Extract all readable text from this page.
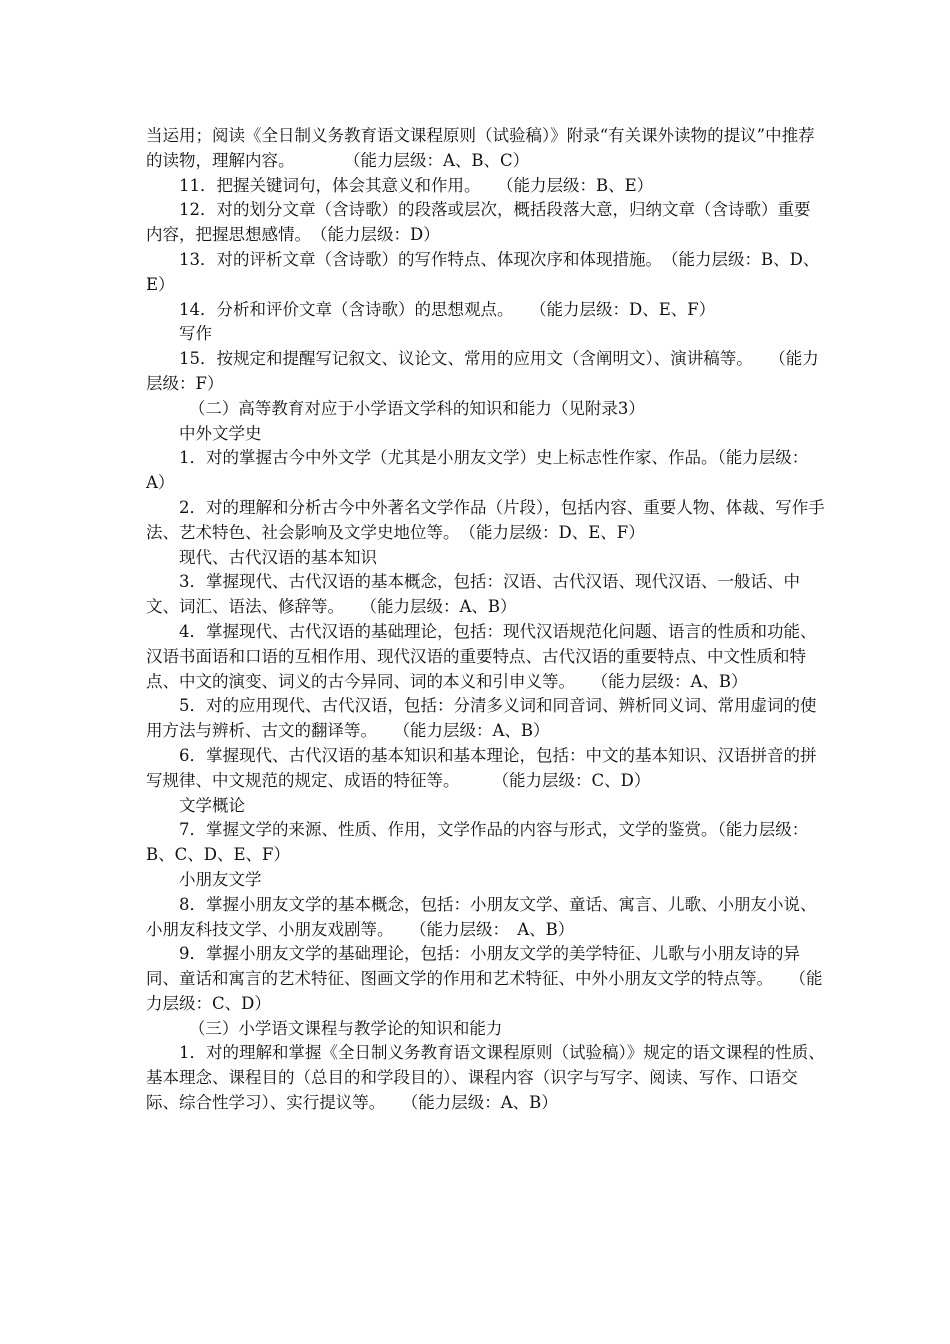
当运用；阅读《全日制义务教育语文课程原则（试验稿）》附录“有关课外读物的提议”中推荐的读物，理解内容。　　　　（能力层级：A、B、C）

11．把握关键词句，体会其意义和作用。　　（能力层级：B、E）

12．对的划分文章（含诗歌）的段落或层次，概括段落大意，归纳文章（含诗歌）重要内容，把握思想感情。　（能力层级：D）

13．对的评析文章（含诗歌）的写作特点、体现次序和体现措施。　（能力层级：B、D、E）

14．分析和评价文章（含诗歌）的思想观点。　　（能力层级：D、E、F）

写作

15．按规定和提醒写记叙文、议论文、常用的应用文（含阐明文）、演讲稿等。　　（能力层级：F）

（二）高等教育对应于小学语文学科的知识和能力（见附录3）

中外文学史

1．对的掌握古今中外文学（尤其是小朋友文学）史上标志性作家、作品。（能力层级：A）

2．对的理解和分析古今中外著名文学作品（片段），包括内容、重要人物、体裁、写作手法、艺术特色、社会影响及文学史地位等。　（能力层级：D、E、F）

现代、古代汉语的基本知识

3．掌握现代、古代汉语的基本概念，包括：汉语、古代汉语、现代汉语、一般话、中文、词汇、语法、修辞等。　　（能力层级：A、B）

4．掌握现代、古代汉语的基础理论，包括：现代汉语规范化问题、语言的性质和功能、汉语书面语和口语的互相作用、现代汉语的重要特点、古代汉语的重要特点、中文性质和特点、中文的演变、词义的古今异同、词的本义和引申义等。　　（能力层级：A、B）

5．对的应用现代、古代汉语，包括：分清多义词和同音词、辨析同义词、常用虚词的使用方法与辨析、古文的翻译等。　　（能力层级：A、B）

6．掌握现代、古代汉语的基本知识和基本理论，包括：中文的基本知识、汉语拼音的拼写规律、中文规范的规定、成语的特征等。　　　（能力层级：C、D）

文学概论

7．掌握文学的来源、性质、作用，文学作品的内容与形式，文学的鉴赏。（能力层级：B、C、D、E、F）

小朋友文学

8．掌握小朋友文学的基本概念，包括：小朋友文学、童话、寓言、儿歌、小朋友小说、小朋友科技文学、小朋友戏剧等。　　（能力层级：　A、B）

9．掌握小朋友文学的基础理论，包括：小朋友文学的美学特征、儿歌与小朋友诗的异同、童话和寓言的艺术特征、图画文学的作用和艺术特征、中外小朋友文学的特点等。　　（能力层级：C、D）

（三）小学语文课程与教学论的知识和能力

1．对的理解和掌握《全日制义务教育语文课程原则（试验稿）》规定的语文课程的性质、基本理念、课程目的（总目的和学段目的）、课程内容（识字与写字、阅读、写作、口语交际、综合性学习）、实行提议等。　　（能力层级：A、B）
